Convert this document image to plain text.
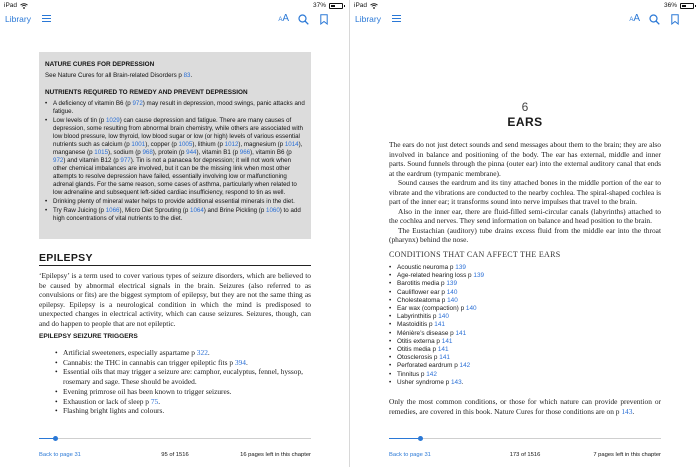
iPad	37%
Library	AA
NATURE CURES FOR DEPRESSION

See Nature Cures for all Brain-related Disorders p 83.

NUTRIENTS REQUIRED TO REMEDY AND PREVENT DEPRESSION
• A deficiency of vitamin B6 (p 972) may result in depression, mood swings, panic attacks and fatigue.
• Low levels of tin (p 1029) can cause depression and fatigue. There are many causes of depression, some resulting from abnormal brain chemistry, while others are associated with low blood pressure, low thyroid, low blood sugar or low (or high) levels of various essential nutrients such as calcium (p 1001), copper (p 1005), lithium (p 1012), magnesium (p 1014), manganese (p 1015), sodium (p 968), protein (p 944), vitamin B1 (p 966), vitamin B6 (p 972) and vitamin B12 (p 977). Tin is not a panacea for depression; it will not work when other chemical imbalances are involved, but it can be the missing link when most other attempts to resolve depression have failed, essentially involving low or malfunctioning adrenal glands. For the same reason, some cases of asthma, particularly when related to low adrenaline and subsequent left-sided cardiac insufficiency, respond to tin as well.
• Drinking plenty of mineral water helps to provide additional essential minerals in the diet.
• Try Raw Juicing (p 1066), Micro Diet Sprouting (p 1064) and Brine Pickling (p 1060) to add high concentrations of vital nutrients to the diet.
EPILEPSY
‘Epilepsy’ is a term used to cover various types of seizure disorders, which are believed to be caused by abnormal electrical signals in the brain. Seizures (also referred to as convulsions or fits) are the biggest symptom of epilepsy, but they are not the same thing as epilepsy. Epilepsy is a neurological condition in which the mind is predisposed to unexpected changes in electrical activity, which can cause seizures. Seizures, though, can and do happen to people that are not epileptic.
EPILEPSY SEIZURE TRIGGERS
• Artificial sweeteners, especially aspartame p 322.
• Cannabis: the THC in cannabis can trigger epileptic fits p 394.
• Essential oils that may trigger a seizure are: camphor, eucalyptus, fennel, hyssop, rosemary and sage. These should be avoided.
• Evening primrose oil has been known to trigger seizures.
• Exhaustion or lack of sleep p 75.
• Flashing bright lights and colours.
Back to page 31	95 of 1516	16 pages left in this chapter
iPad	36%
Library	AA
6
EARS

The ears do not just detect sounds and send messages about them to the brain; they are also involved in balance and positioning of the body. The ear has external, middle and inner parts. Sound funnels through the pinna (outer ear) into the external auditory canal that ends at the eardrum (tympanic membrane).

Sound causes the eardrum and its tiny attached bones in the middle portion of the ear to vibrate and the vibrations are conducted to the nearby cochlea. The spiral-shaped cochlea is part of the inner ear; it transforms sound into nerve impulses that travel to the brain.

Also in the inner ear, there are fluid-filled semi-circular canals (labyrinths) attached to the cochlea and nerves. They send information on balance and head position to the brain.

The Eustachian (auditory) tube drains excess fluid from the middle ear into the throat (pharynx) behind the nose.

CONDITIONS THAT CAN AFFECT THE EARS
• Acoustic neuroma p 139
• Age-related hearing loss p 139
• Barotitis media p 139
• Cauliflower ear p 140
• Cholesteatoma p 140
• Ear wax (compaction) p 140
• Labyrinthitis p 140
• Mastoiditis p 141
• Ménière’s disease p 141
• Otitis externa p 141
• Otitis media p 141
• Otosclerosis p 141
• Perforated eardrum p 142
• Tinnitus p 142
• Usher syndrome p 143.
Only the most common conditions, or those for which nature can provide prevention or remedies, are covered in this book. Nature Cures for those conditions are on p 143.
Back to page 31	173 of 1516	7 pages left in this chapter
